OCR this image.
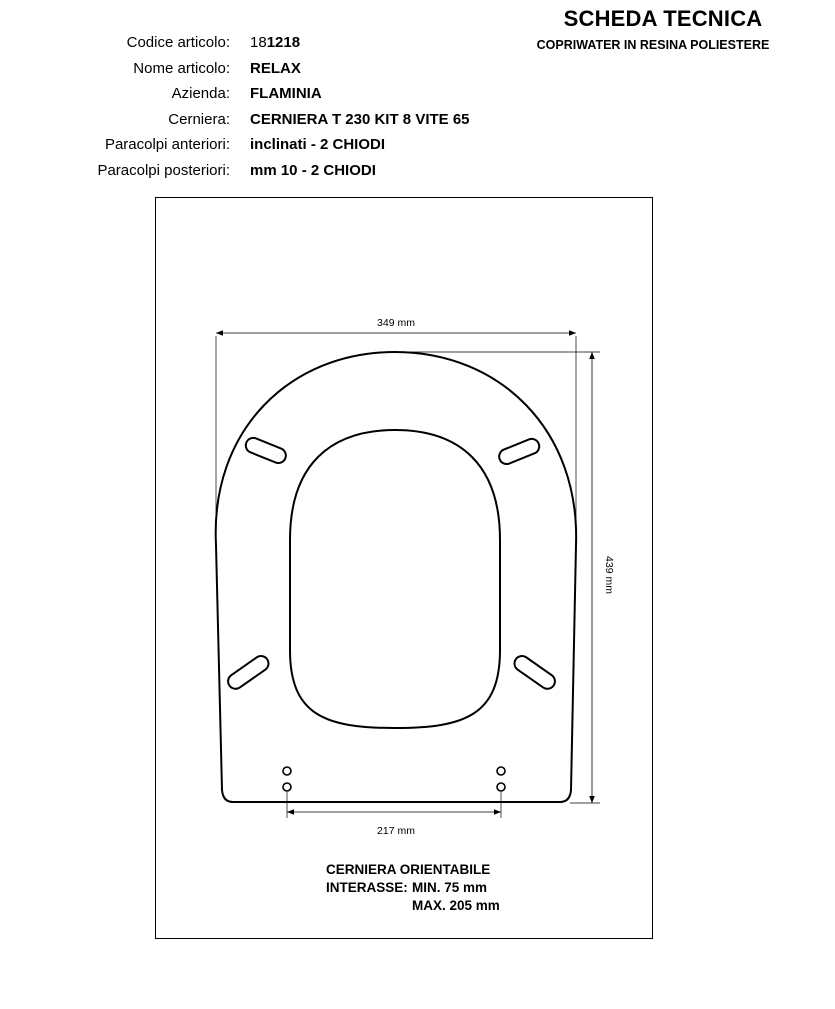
SCHEDA TECNICA
COPRIWATER IN RESINA POLIESTERE
Codice articolo: 181218
Nome articolo: RELAX
Azienda: FLAMINIA
Cerniera: CERNIERA T 230 KIT 8 VITE 65
Paracolpi anteriori: inclinati - 2 CHIODI
Paracolpi posteriori: mm 10 - 2 CHIODI
349 mm
439 mm
217 mm
CERNIERA ORIENTABILE
INTERASSE: MIN. 75 mm
MAX. 205 mm
